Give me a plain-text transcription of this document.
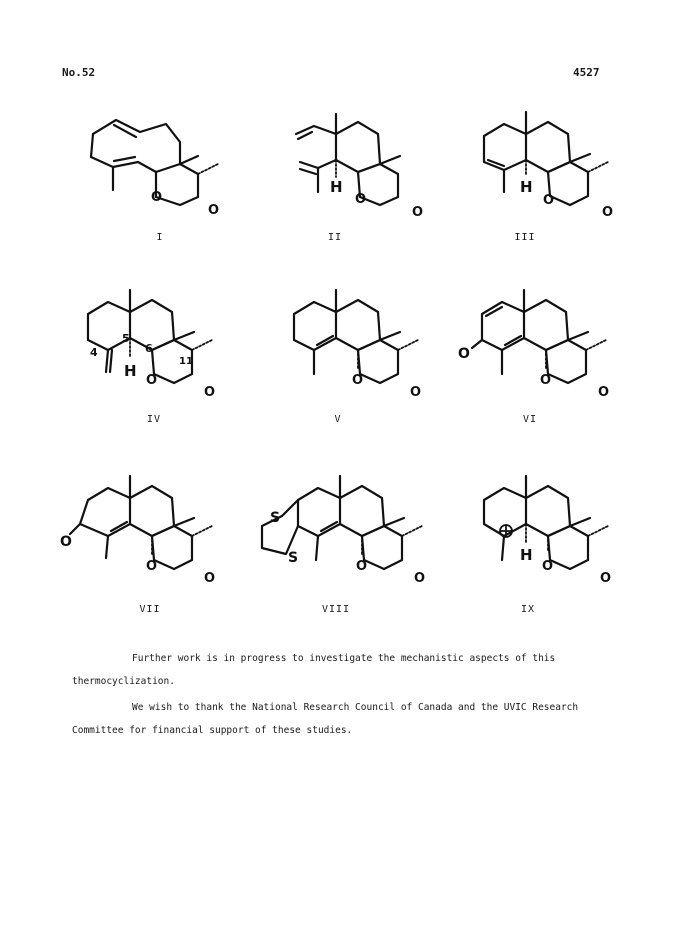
No.52	4527
O
O
I
H
O
O
II
H
O
O
III
4
5
6
11
H
O
O
IV
O
O
V
O
O
O
VI
O
O
O
VII
S
S
O
O
VIII
H
O
O
IX
Further work is in progress to investigate the mechanistic aspects of this
thermocyclization.
We wish to thank the National Research Council of Canada and the UVIC Research
Committee for financial support of these studies.
